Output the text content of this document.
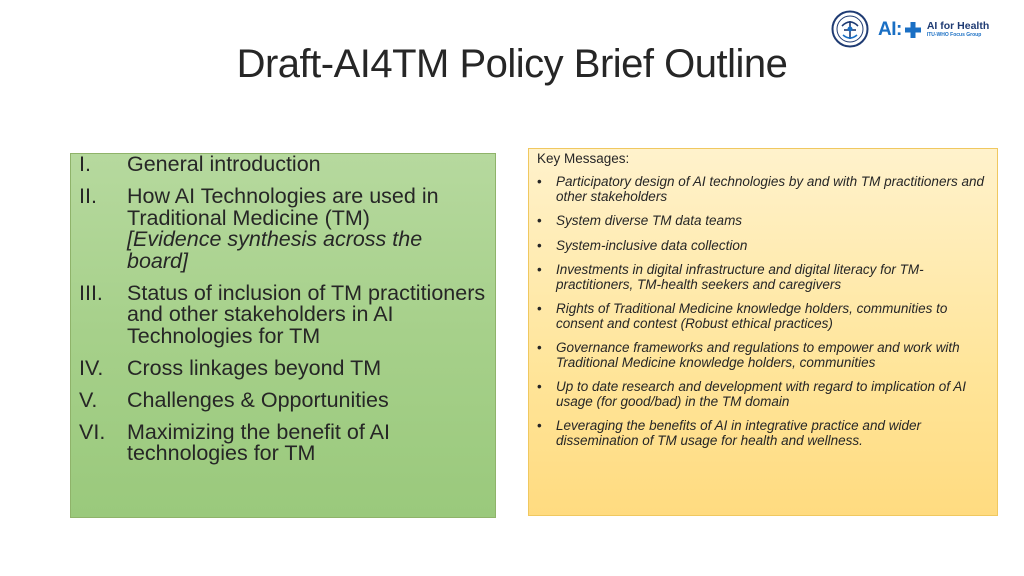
AI: AI for Health
ITU-WHO Focus Group
Draft-AI4TM Policy Brief Outline
I. General introduction
II. How AI Technologies are used in Traditional Medicine (TM)
[Evidence synthesis across the board]
III. Status of inclusion of TM practitioners and other stakeholders in AI Technologies for TM
IV. Cross linkages beyond TM
V. Challenges & Opportunities
VI. Maximizing the benefit of AI technologies for TM
Key Messages:
• Participatory design of AI technologies by and with TM practitioners and other stakeholders
• System diverse TM data teams
• System-inclusive data collection
• Investments in digital infrastructure and digital literacy for TM-practitioners, TM-health seekers and caregivers
• Rights of Traditional Medicine knowledge holders, communities to consent and contest (Robust ethical practices)
• Governance frameworks and regulations to empower and work with Traditional Medicine knowledge holders, communities
• Up to date research and development with regard to implication of AI usage (for good/bad) in the TM domain
• Leveraging the benefits of AI in integrative practice and wider dissemination of TM usage for health and wellness.
